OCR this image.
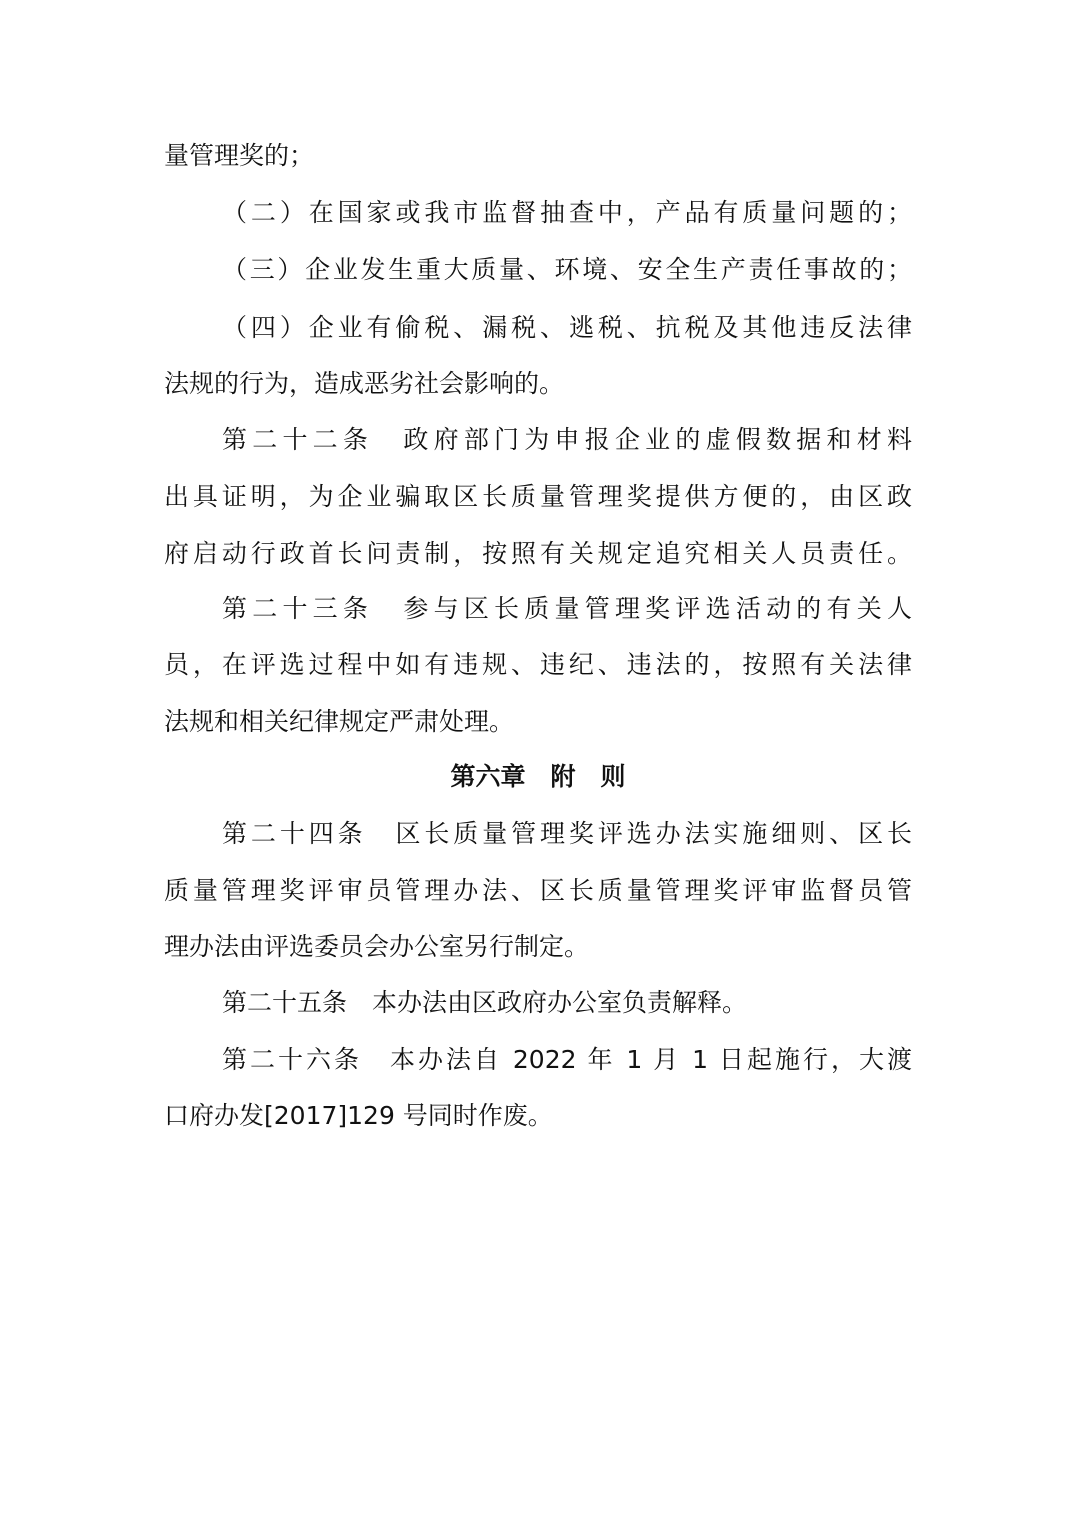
量管理奖的；
（二）在国家或我市监督抽查中，产品有质量问题的；
（三）企业发生重大质量、环境、安全生产责任事故的；
（四）企业有偷税、漏税、逃税、抗税及其他违反法律
法规的行为，造成恶劣社会影响的。
第二十二条　政府部门为申报企业的虚假数据和材料
出具证明，为企业骗取区长质量管理奖提供方便的，由区政
府启动行政首长问责制，按照有关规定追究相关人员责任。
第二十三条　参与区长质量管理奖评选活动的有关人
员，在评选过程中如有违规、违纪、违法的，按照有关法律
法规和相关纪律规定严肃处理。
第六章　附　则
第二十四条　区长质量管理奖评选办法实施细则、区长
质量管理奖评审员管理办法、区长质量管理奖评审监督员管
理办法由评选委员会办公室另行制定。
第二十五条　本办法由区政府办公室负责解释。
第二十六条　本办法自 2022 年 1 月 1 日起施行，大渡
口府办发[2017]129 号同时作废。
